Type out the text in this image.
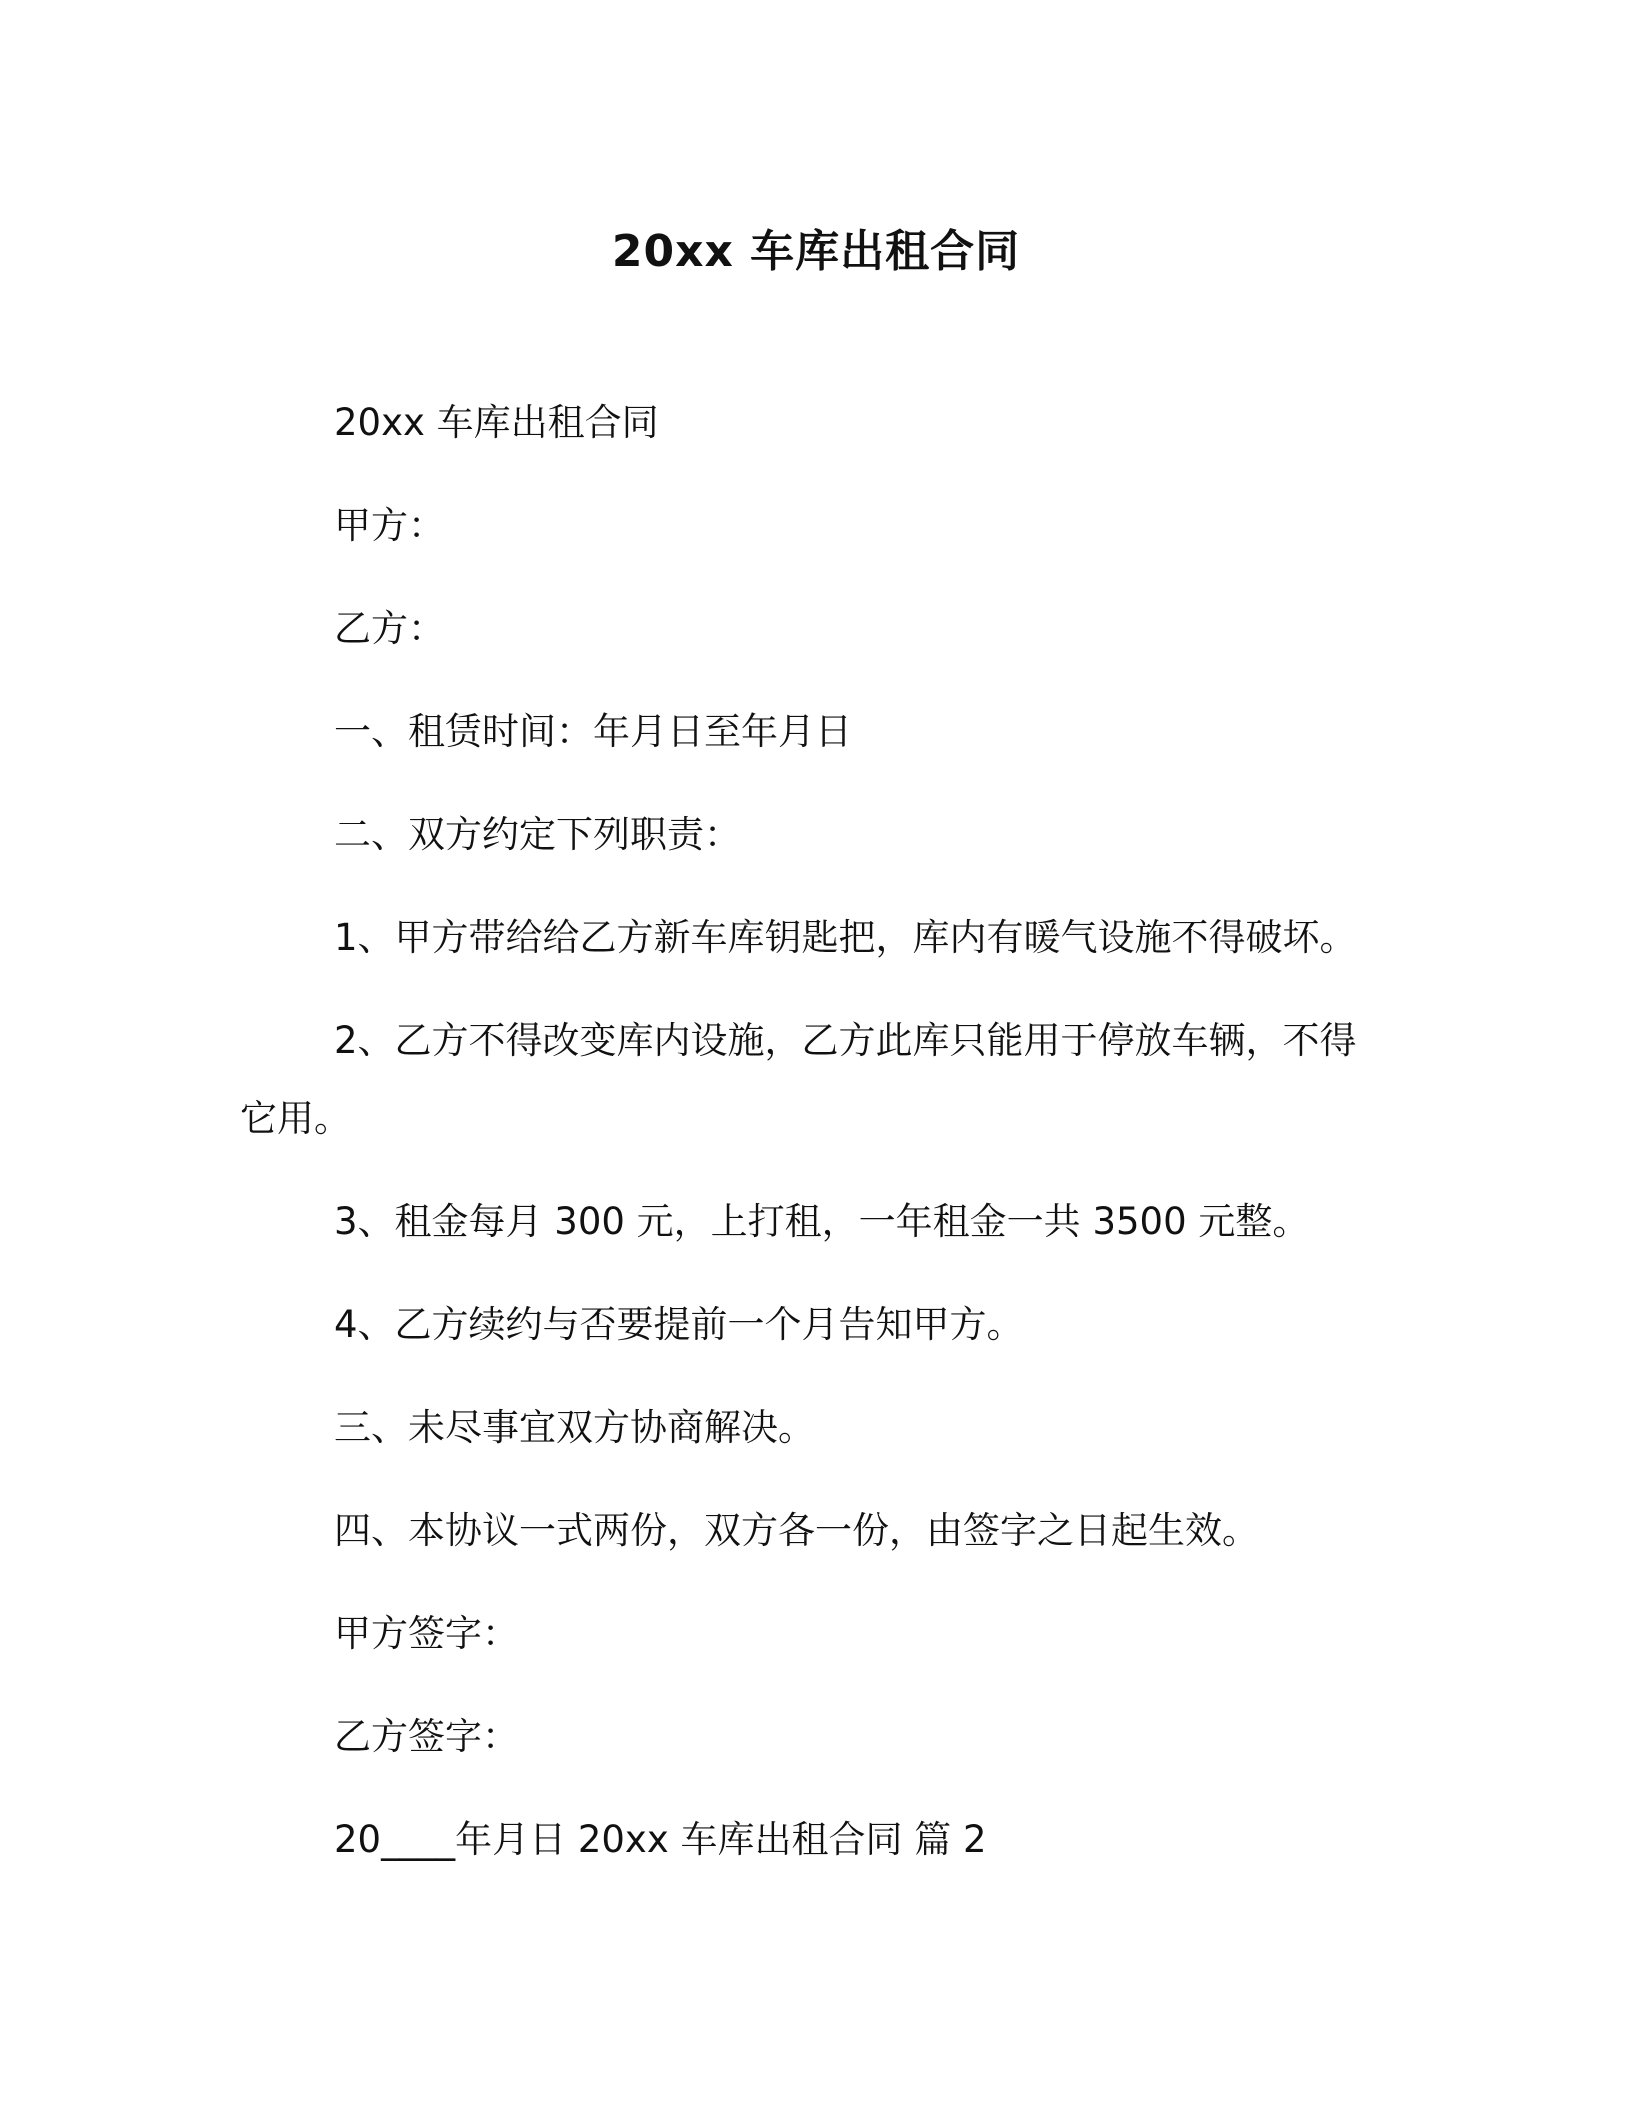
20xx 车库出租合同
20xx 车库出租合同
甲方：
乙方：
一、租赁时间：年月日至年月日
二、双方约定下列职责：
1、甲方带给给乙方新车库钥匙把，库内有暖气设施不得破坏。
2、乙方不得改变库内设施，乙方此库只能用于停放车辆，不得
它用。
3、租金每月 300 元，上打租，一年租金一共 3500 元整。
4、乙方续约与否要提前一个月告知甲方。
三、未尽事宜双方协商解决。
四、本协议一式两份，双方各一份，由签字之日起生效。
甲方签字：
乙方签字：
20____年月日 20xx 车库出租合同 篇 2
